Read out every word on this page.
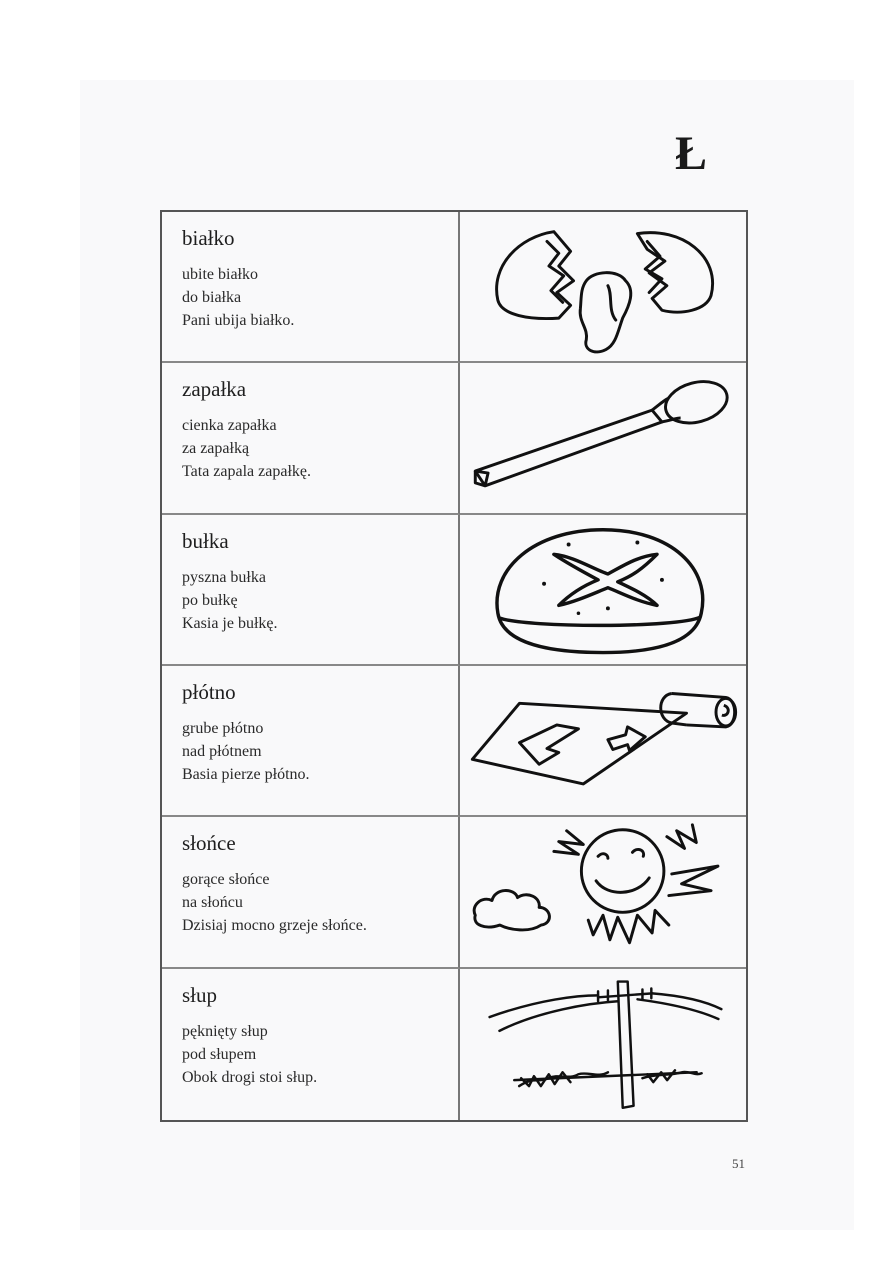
Ł

białko

ubite białko

do białka

Pani ubija białko.

zapałka

cienka zapałka

za zapałką

Tata zapala zapałkę.

bułka

pyszna bułka

po bułkę

Kasia je bułkę.

płótno

grube płótno

nad płótnem

Basia pierze płótno.

słońce

gorące słońce

na słońcu

Dzisiaj mocno grzeje słońce.

słup

pęknięty słup

pod słupem

Obok drogi stoi słup.

51
